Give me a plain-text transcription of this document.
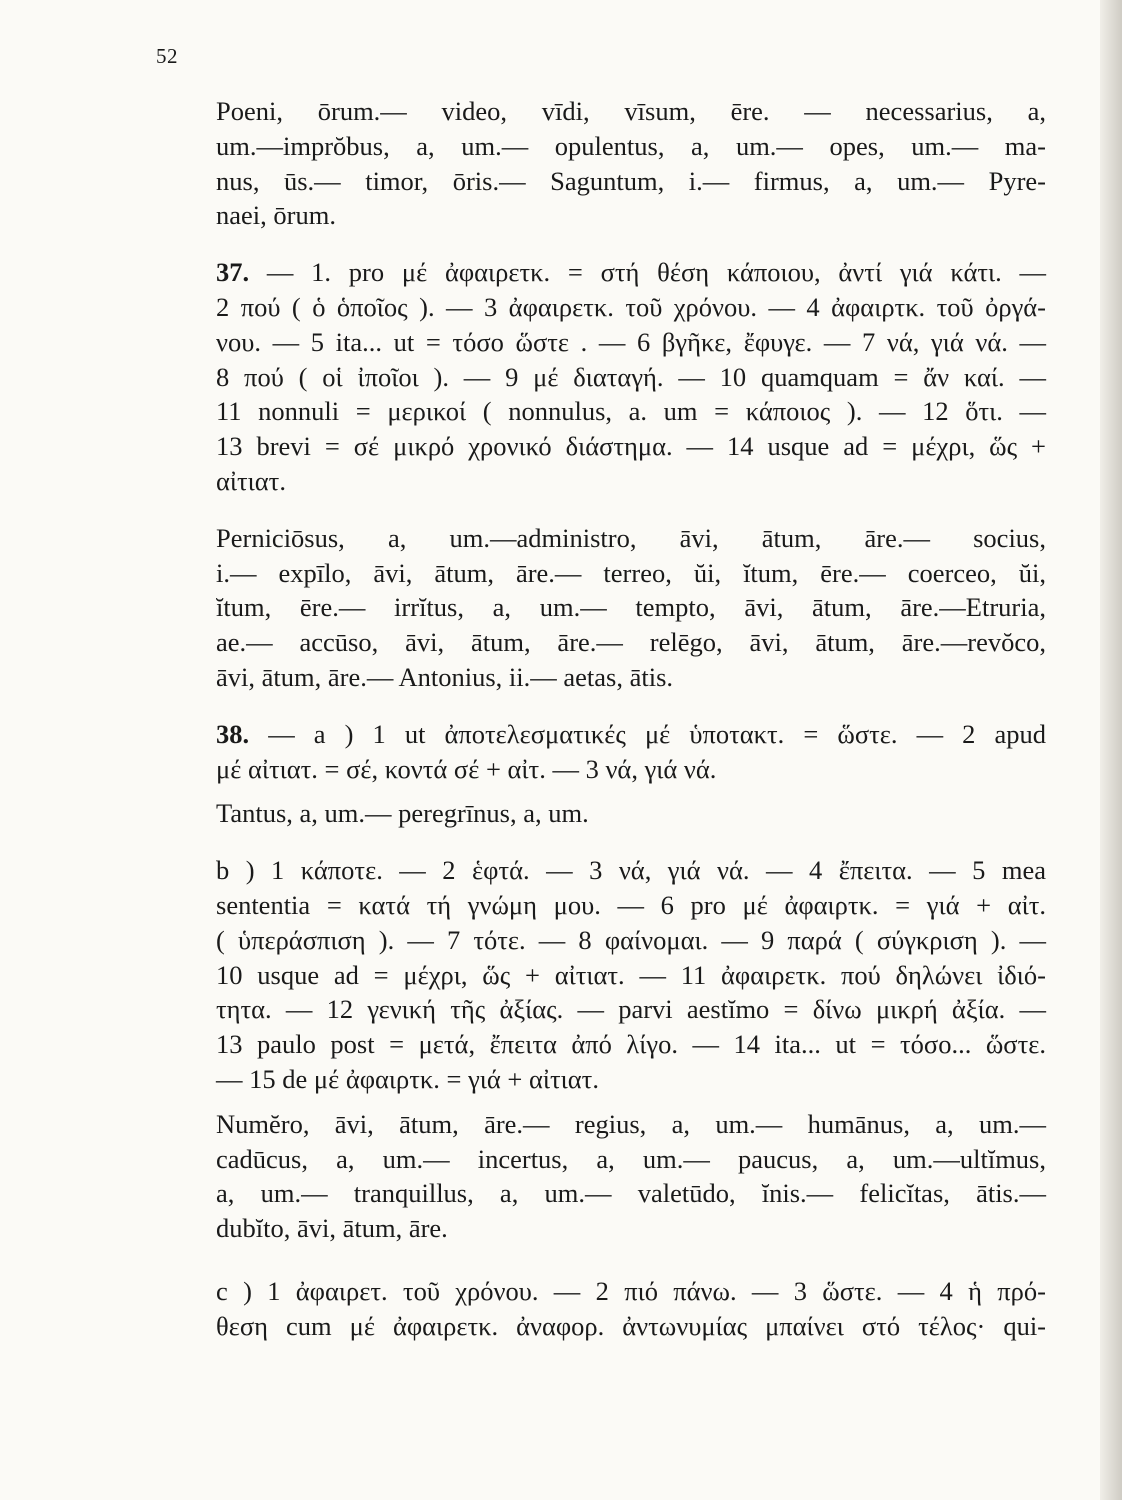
52

Poeni, ōrum.— video, vīdi, vīsum, ēre. — necessarius, a,
um.—imprŏbus, a, um.— opulentus, a, um.— opes, um.— ma-
nus, ūs.— timor, ōris.— Saguntum, i.— firmus, a, um.— Pyre-
naei, ōrum.

37. — 1. pro μέ ἀφαιρετκ. = στή θέση κάποιου, ἀντί γιά κάτι. —
2 πού ( ὁ ὁποῖος ). — 3 ἀφαιρετκ. τοῦ χρόνου. — 4 ἀφαιρτκ. τοῦ ὀργά-
νου. — 5 ita... ut = τόσο ὥστε . — 6 βγῆκε, ἔφυγε. — 7 νά, γιά νά. —
8 πού ( οἱ ἰποῖοι ). — 9 μέ διαταγή. — 10 quamquam = ἄν καί. —
11 nonnuli = μερικοί ( nonnulus, a. um = κάποιος ). — 12 ὅτι. —
13 brevi = σέ μικρό χρονικό διάστημα. — 14 usque ad = μέχρι, ὥς +
αἰτιατ.

Perniciōsus, a, um.—administro, āvi, ātum, āre.— socius,
i.— expīlo, āvi, ātum, āre.— terreo, ŭi, ĭtum, ēre.— coerceo, ŭi,
ĭtum, ēre.— irrĭtus, a, um.— tempto, āvi, ātum, āre.—Etruria,
ae.— accūso, āvi, ātum, āre.— relēgo, āvi, ātum, āre.—revŏco,
āvi, ātum, āre.— Antonius, ii.— aetas, ātis.

38. — a ) 1 ut ἀποτελεσματικές μέ ὑποτακτ. = ὥστε. — 2 apud
μέ αἰτιατ. = σέ, κοντά σέ + αἰτ. — 3 νά, γιά νά.

Tantus, a, um.— peregrīnus, a, um.

b ) 1 κάποτε. — 2 ἑφτά. — 3 νά, γιά νά. — 4 ἔπειτα. — 5 mea
sententia = κατά τή γνώμη μου. — 6 pro μέ ἀφαιρτκ. = γιά + αἰτ.
( ὑπεράσπιση ). — 7 τότε. — 8 φαίνομαι. — 9 παρά ( σύγκριση ). —
10 usque ad = μέχρι, ὥς + αἰτιατ. — 11 ἀφαιρετκ. πού δηλώνει ἰδιό-
τητα. — 12 γενική τῆς ἀξίας. — parvi aestĭmo = δίνω μικρή ἀξία. —
13 paulo post = μετά, ἔπειτα ἀπό λίγο. — 14 ita... ut = τόσο... ὥστε.
— 15 de μέ ἀφαιρτκ. = γιά + αἰτιατ.

Numĕro, āvi, ātum, āre.— regius, a, um.— humānus, a, um.—
cadūcus, a, um.— incertus, a, um.— paucus, a, um.—ultĭmus,
a, um.— tranquillus, a, um.— valetūdo, ĭnis.— felicĭtas, ātis.—
dubĭto, āvi, ātum, āre.

c ) 1 ἀφαιρετ. τοῦ χρόνου. — 2 πιό πάνω. — 3 ὥστε. — 4 ἡ πρό-
θεση cum μέ ἀφαιρετκ. ἀναφορ. ἀντωνυμίας μπαίνει στό τέλος· qui-
